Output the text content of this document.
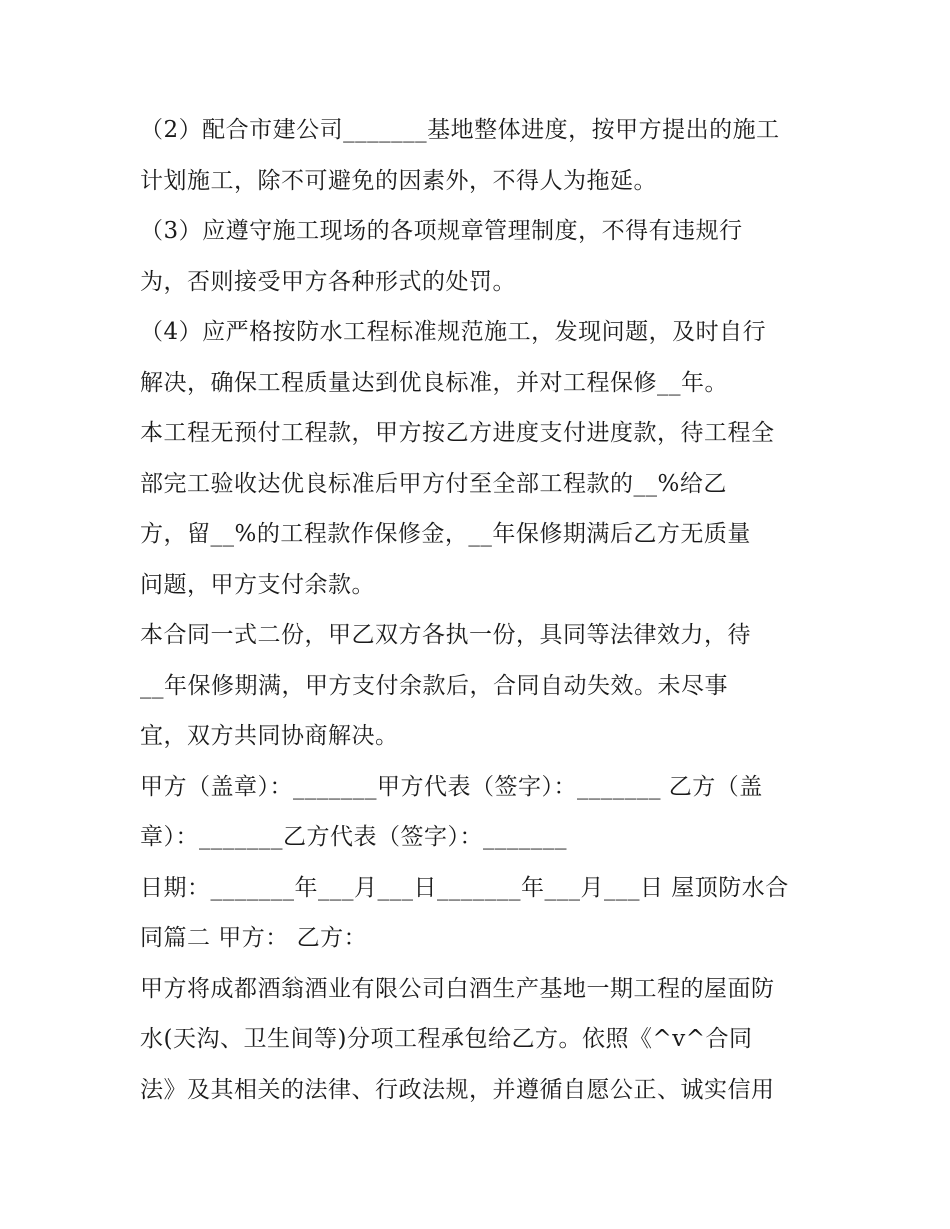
（2）配合市建公司_______基地整体进度，按甲方提出的施工
计划施工，除不可避免的因素外，不得人为拖延。
（3）应遵守施工现场的各项规章管理制度，不得有违规行
为，否则接受甲方各种形式的处罚。
（4）应严格按防水工程标准规范施工，发现问题，及时自行
解决，确保工程质量达到优良标准，并对工程保修__年。
本工程无预付工程款，甲方按乙方进度支付进度款，待工程全
部完工验收达优良标准后甲方付至全部工程款的__%给乙
方，留__%的工程款作保修金，__年保修期满后乙方无质量
问题，甲方支付余款。
本合同一式二份，甲乙双方各执一份，具同等法律效力，待
__年保修期满，甲方支付余款后，合同自动失效。未尽事
宜，双方共同协商解决。
甲方（盖章）：_______甲方代表（签字）：_______ 乙方（盖
章）：_______乙方代表（签字）：_______
日期：_______年___月___日_______年___月___日 屋顶防水合
同篇二 甲方： 乙方：
甲方将成都酒翁酒业有限公司白酒生产基地一期工程的屋面防
水(天沟、卫生间等)分项工程承包给乙方。依照《^v^合同
法》及其相关的法律、行政法规，并遵循自愿公正、诚实信用
